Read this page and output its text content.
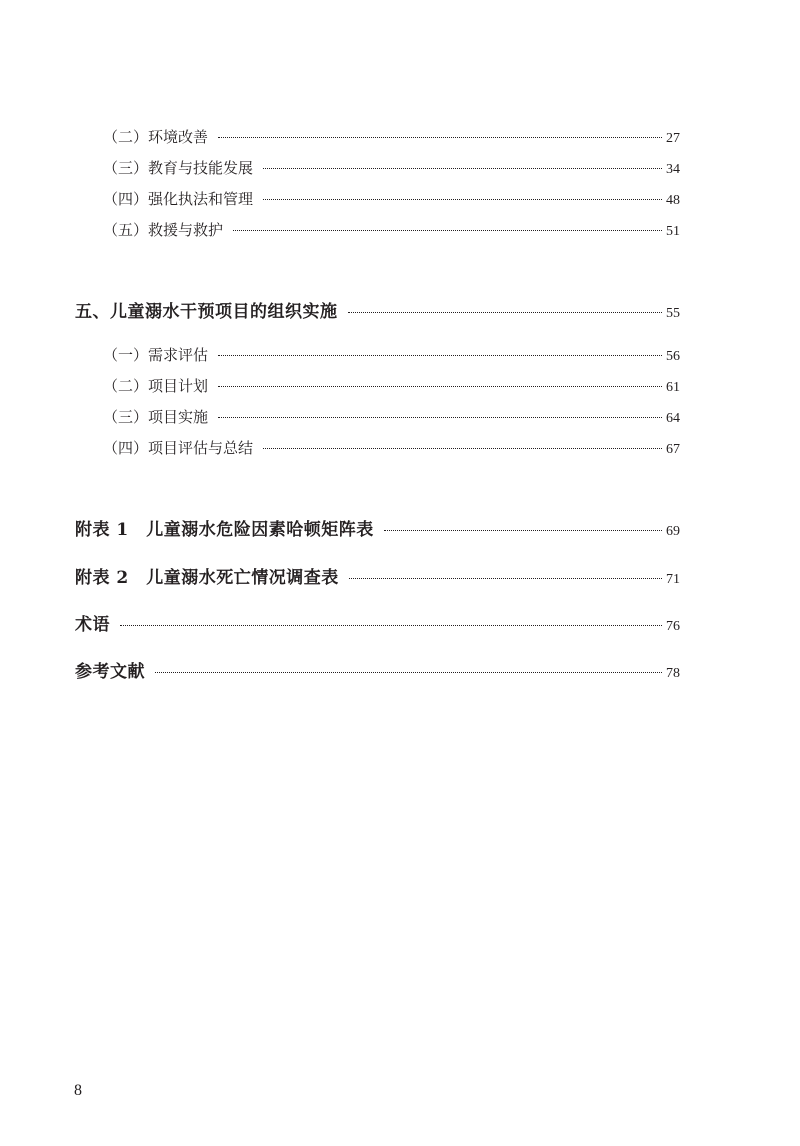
（二）环境改善	27
（三）教育与技能发展	34
（四）强化执法和管理	48
（五）救援与救护	51
五、儿童溺水干预项目的组织实施	55
（一）需求评估	56
（二）项目计划	61
（三）项目实施	64
（四）项目评估与总结	67
附表 1　儿童溺水危险因素哈顿矩阵表	69
附表 2　儿童溺水死亡情况调查表	71
术语	76
参考文献	78
8
